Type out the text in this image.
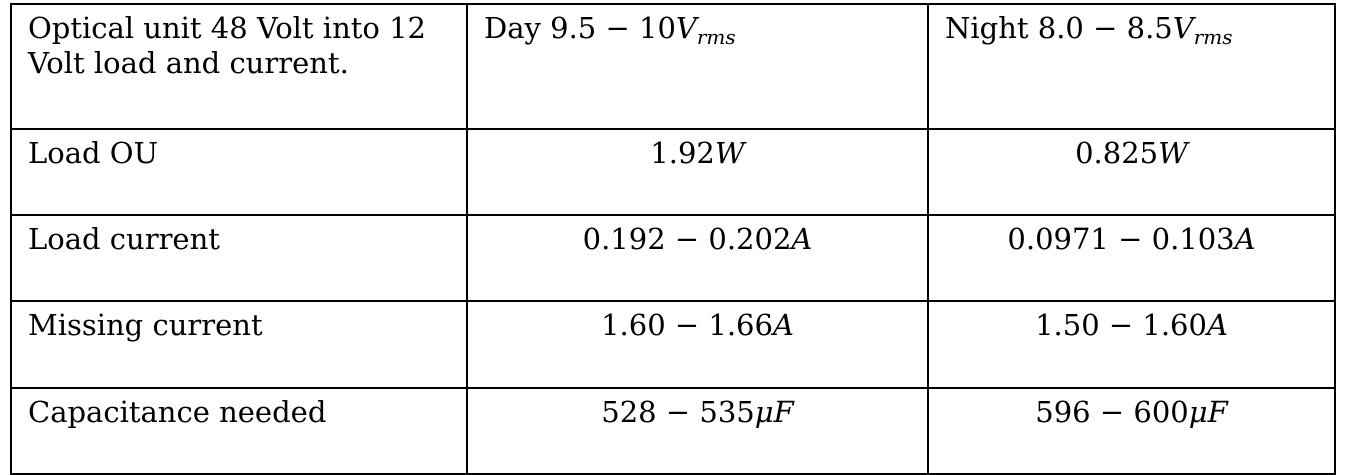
Optical unit 48 Volt into 12 Volt load and current.	Day $9.5 - 10V_{rms}$	Night $8.0 - 8.5V_{rms}$
Load OU	1.92W	0.825W
Load current	0.192 − 0.202A	0.0971 − 0.103A
Missing current	1.60 − 1.66A	1.50 − 1.60A
Capacitance needed	528 − 535μF	596 − 600μF
